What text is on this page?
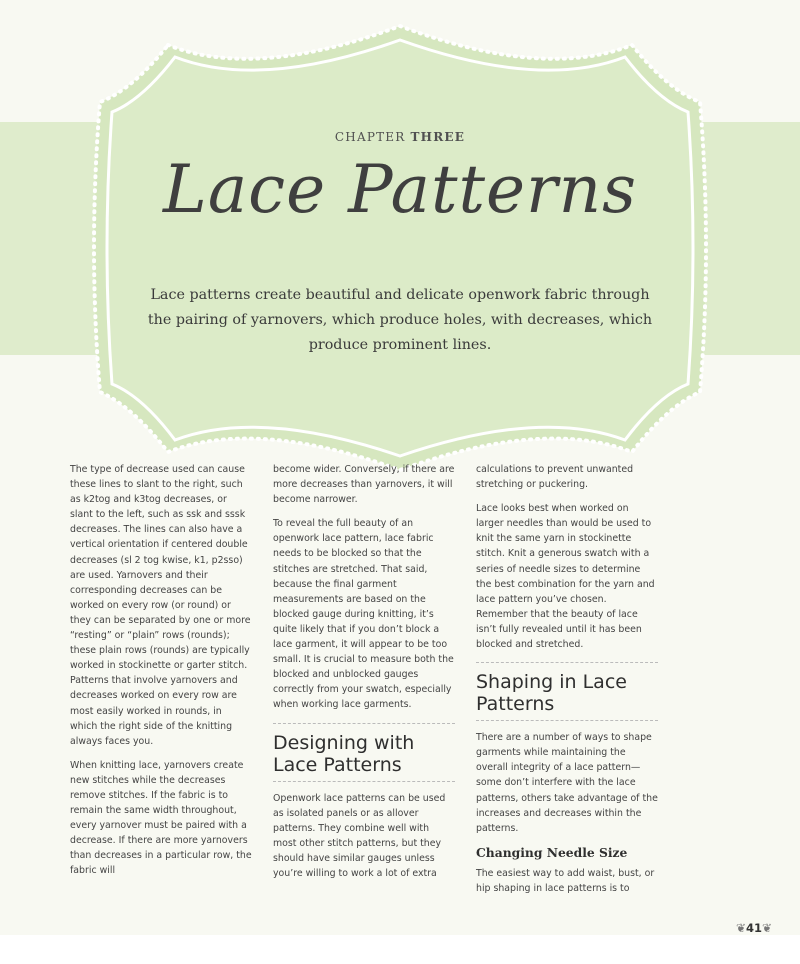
CHAPTER THREE
Lace Patterns
Lace patterns create beautiful and delicate openwork fabric through the pairing of yarnovers, which produce holes, with decreases, which produce prominent lines.

The type of decrease used can cause these lines to slant to the right, such as k2tog and k3tog decreases, or slant to the left, such as ssk and sssk decreases. The lines can also have a vertical orientation if centered double decreases (sl 2 tog kwise, k1, p2sso) are used. Yarnovers and their corresponding decreases can be worked on every row (or round) or they can be separated by one or more “resting” or “plain” rows (rounds); these plain rows (rounds) are typically worked in stockinette or garter stitch. Patterns that involve yarnovers and decreases worked on every row are most easily worked in rounds, in which the right side of the knitting always faces you.

When knitting lace, yarnovers create new stitches while the decreases remove stitches. If the fabric is to remain the same width throughout, every yarnover must be paired with a decrease. If there are more yarnovers than decreases in a particular row, the fabric will

become wider. Conversely, if there are more decreases than yarnovers, it will become narrower.

To reveal the full beauty of an openwork lace pattern, lace fabric needs to be blocked so that the stitches are stretched. That said, because the final garment measurements are based on the blocked gauge during knitting, it’s quite likely that if you don’t block a lace garment, it will appear to be too small. It is crucial to measure both the blocked and unblocked gauges correctly from your swatch, especially when working lace garments.

Designing with Lace Patterns

Openwork lace patterns can be used as isolated panels or as allover patterns. They combine well with most other stitch patterns, but they should have similar gauges unless you’re willing to work a lot of extra

calculations to prevent unwanted stretching or puckering.

Lace looks best when worked on larger needles than would be used to knit the same yarn in stockinette stitch. Knit a generous swatch with a series of needle sizes to determine the best combination for the yarn and lace pattern you’ve chosen. Remember that the beauty of lace isn’t fully revealed until it has been blocked and stretched.

Shaping in Lace Patterns

There are a number of ways to shape garments while maintaining the overall integrity of a lace pattern—some don’t interfere with the lace patterns, others take advantage of the increases and decreases within the patterns.

Changing Needle Size

The easiest way to add waist, bust, or hip shaping in lace patterns is to

❦ 41 ❦
